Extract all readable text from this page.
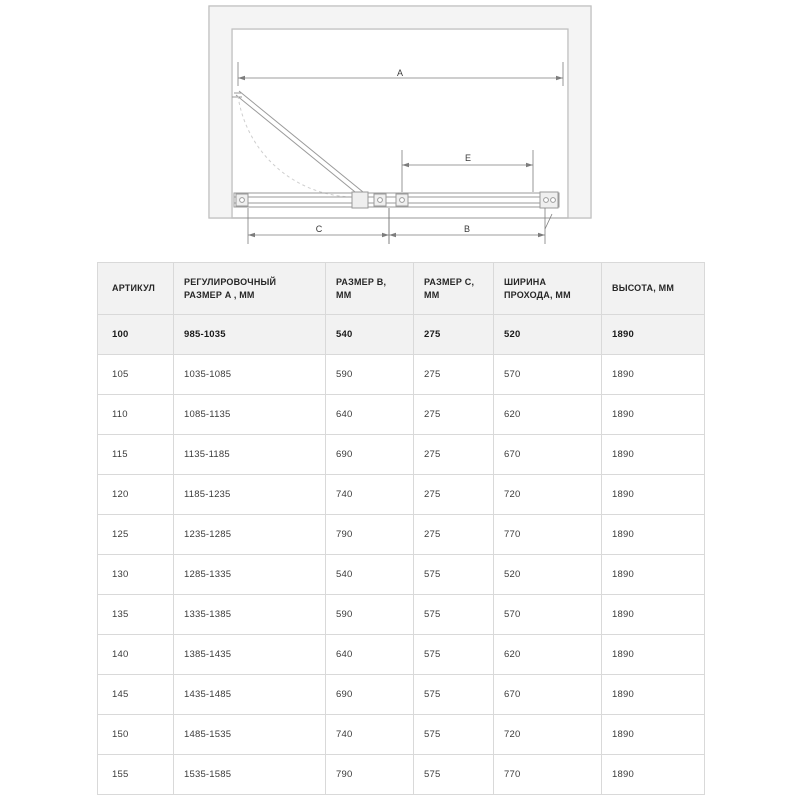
A
E
C	B
АРТИКУЛ	РЕГУЛИРОВОЧНЫЙ РАЗМЕР A , ММ	РАЗМЕР B, ММ	РАЗМЕР C, ММ	ШИРИНА ПРОХОДА, ММ	ВЫСОТА, ММ
100	985-1035	540	275	520	1890
105	1035-1085	590	275	570	1890
110	1085-1135	640	275	620	1890
115	1135-1185	690	275	670	1890
120	1185-1235	740	275	720	1890
125	1235-1285	790	275	770	1890
130	1285-1335	540	575	520	1890
135	1335-1385	590	575	570	1890
140	1385-1435	640	575	620	1890
145	1435-1485	690	575	670	1890
150	1485-1535	740	575	720	1890
155	1535-1585	790	575	770	1890
